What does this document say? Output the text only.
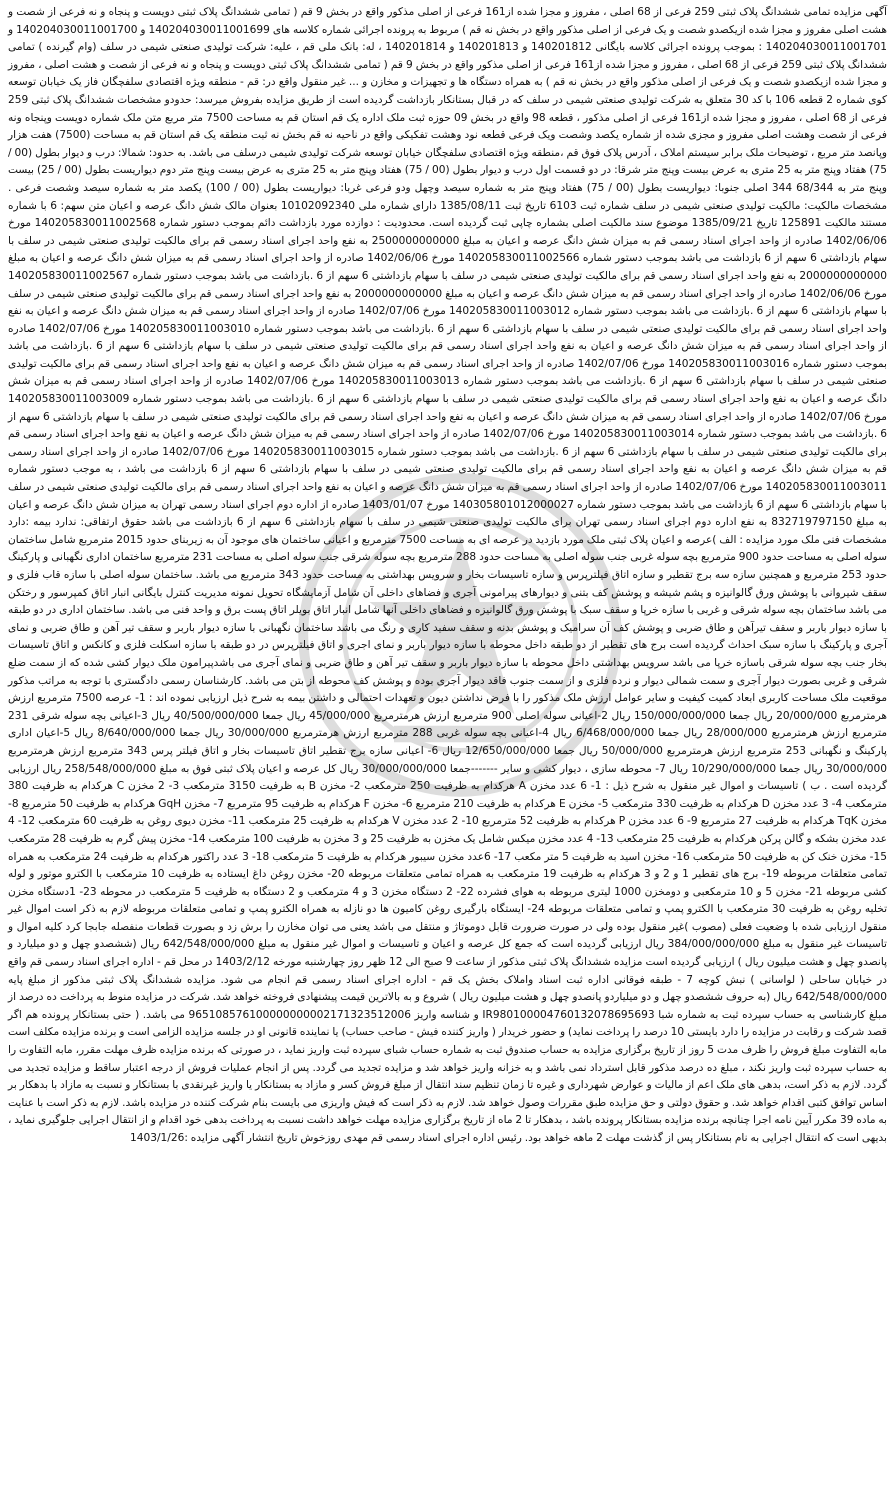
آگهی مزایده تمامی ششدانگ پلاک ثبتی 259 فرعی از 68 اصلی ، مفروز و مجزا شده از161 فرعی از اصلی مذکور واقع در بخش 9 قم ( تمامی ششدانگ پلاک ثبتی دویست و پنجاه و نه فرعی از شصت و هشت اصلی مفروز و مجزا شده ازیکصدو شصت و یک فرعی از اصلی مذکور واقع در بخش نه قم ) مربوط به پرونده اجرائی شماره کلاسه های 140204030011001699 و 140204030011001700 و 140204030011001701 : بموجب پرونده اجرائی کلاسه بایگانی 140201812 و 140201813 و 140201814 ، له: بانک ملی قم ، علیه: شرکت تولیدی صنعتی شیمی در سلف (وام گیرنده ) تمامی ششدانگ پلاک ثبتی 259 فرعی از 68 اصلی ، مفروز و مجزا شده از161 فرعی از اصلی مذکور واقع در بخش 9 قم ( تمامی ششدانگ پلاک ثبتی دویست و پنجاه و نه فرعی از شصت و هشت اصلی ، مفروز و مجزا شده ازیکصدو شصت و یک فرعی از اصلی مذکور واقع در بخش نه قم ) به همراه دستگاه ها و تجهیزات و مخازن و ... غیر منقول واقع در: قم - منطقه ویژه اقتصادی سلفچگان فاز یک خیابان توسعه کوی شماره 2 قطعه 106 با کد 30 متعلق به شرکت تولیدی صنعتی شیمی در سلف که در قبال بستانکار بازداشت گردیده است از طریق مزایده بفروش میرسد: حدودو مشخصات ششدانگ پلاک ثبتی 259 فرعی از 68 اصلی ، مفروز و مجزا شده از161 فرعی از اصلی مذکور ، قطعه 98 واقع در بخش 09 حوزه ثبت ملک اداره یک قم استان قم به مساحت 7500 متر مربع متن ملک شماره دویست وپنجاه ونه فرعی از شصت وهشت اصلی مفروز و مجزی شده از شماره یکصد وشصت ویک فرعی قطعه نود وهشت تفکیکی واقع در ناحیه نه قم بخش نه ثبت منطقه یک قم استان قم به مساحت (7500) هفت هزار وپانصد متر مربع ، توضیحات ملک برابر سیستم املاک ، آدرس پلاک فوق قم ،منطقه ویژه اقتصادی سلفچگان خیابان توسعه شرکت تولیدی شیمی درسلف می باشد. به حدود: شمالا: درب و دیوار بطول (00 / 75) هفتاد وپنج متر به 25 متری به عرض بیست وپنج متر شرقا: در دو قسمت اول درب و دیوار بطول (00 / 75) هفتاد وپنج متر به 25 متری به عرض بیست وپنج متر دوم دیواریست بطول (00 / 25) بیست وپنج متر به 68/344 344 اصلی جنوبا: دیواریست بطول (00 / 75) هفتاد وپنج متر به شماره سیصد وچهل ودو فرعی غربا: دیواریست بطول (00 / 100) یکصد متر به شماره سیصد وشصت فرعی . مشخصات مالکیت: مالکیت تولیدی صنعتی شیمی در سلف شماره ثبت 6103 تاریخ ثبت 1385/08/11 دارای شماره ملی 10102092340 بعنوان مالک شش دانگ عرصه و اعیان متن سهم: 6 با شماره مستند مالکیت 125891 تاریخ 1385/09/21 موضوع سند مالکیت اصلی بشماره چاپی ثبت گردیده است. محدودیت : دوازده مورد بازداشت دائم بموجب دستور شماره 140205830011002568 مورخ 1402/06/06 صادره از واحد اجرای اسناد رسمی قم به میزان شش دانگ عرصه و اعیان به مبلغ 2500000000000 به نفع واحد اجرای اسناد رسمی قم برای مالکیت تولیدی صنعتی شیمی در سلف با سهام بازداشتی 6 سهم از 6 بازداشت می باشد بموجب دستور شماره 140205830011002566 مورخ 1402/06/06 صادره از واحد اجرای اسناد رسمی قم به میزان شش دانگ عرصه و اعیان به مبلغ 2000000000000 به نفع واحد اجرای اسناد رسمی قم برای مالکیت تولیدی صنعتی شیمی در سلف با سهام بازداشتی 6 سهم از 6 .بازداشت می باشد بموجب دستور شماره 140205830011002567 مورخ 1402/06/06 صادره از واحد اجرای اسناد رسمی قم به میزان شش دانگ عرصه و اعیان به مبلغ 2000000000000 به نفع واحد اجرای اسناد رسمی قم برای مالکیت تولیدی صنعتی شیمی در سلف با سهام بازداشتی 6 سهم از 6 .بازداشت می باشد بموجب دستور شماره 140205830011003012 مورخ 1402/07/06 صادره از واحد اجرای اسناد رسمی قم به میزان شش دانگ عرصه و اعیان به نفع واحد اجرای اسناد رسمی قم برای مالکیت تولیدی صنعتی شیمی در سلف با سهام بازداشتی 6 سهم از 6 .بازداشت می باشد بموجب دستور شماره 140205830011003010 مورخ 1402/07/06 صادره از واحد اجرای اسناد رسمی قم به میزان شش دانگ عرصه و اعیان به نفع واحد اجرای اسناد رسمی قم برای مالکیت تولیدی صنعتی شیمی در سلف با سهام بازداشتی 6 سهم از 6 .بازداشت می باشد بموجب دستور شماره 140205830011003016 مورخ 1402/07/06 صادره از واحد اجرای اسناد رسمی قم به میزان شش دانگ عرصه و اعیان به نفع واحد اجرای اسناد رسمی قم برای مالکیت تولیدی صنعتی شیمی در سلف با سهام بازداشتی 6 سهم از 6 .بازداشت می باشد بموجب دستور شماره 140205830011003013 مورخ 1402/07/06 صادره از واحد اجرای اسناد رسمی قم به میزان شش دانگ عرصه و اعیان به نفع واحد اجرای اسناد رسمی قم برای مالکیت تولیدی صنعتی شیمی در سلف با سهام بازداشتی 6 سهم از 6 .بازداشت می باشد بموجب دستور شماره 140205830011003009 مورخ 1402/07/06 صادره از واحد اجرای اسناد رسمی قم به میزان شش دانگ عرصه و اعیان به نفع واحد اجرای اسناد رسمی قم برای مالکیت تولیدی صنعتی شیمی در سلف با سهام بازداشتی 6 سهم از 6 .بازداشت می باشد بموجب دستور شماره 140205830011003014 مورخ 1402/07/06 صادره از واحد اجرای اسناد رسمی قم به میزان شش دانگ عرصه و اعیان به نفع واحد اجرای اسناد رسمی قم برای مالکیت تولیدی صنعتی شیمی در سلف با سهام بازداشتی 6 سهم از 6 .بازداشت می باشد بموجب دستور شماره 140205830011003015 مورخ 1402/07/06 صادره از واحد اجرای اسناد رسمی قم به میزان شش دانگ عرصه و اعیان به نفع واحد اجرای اسناد رسمی قم برای مالکیت تولیدی صنعتی شیمی در سلف با سهام بازداشتی 6 سهم از 6 بازداشت می باشد ، به موجب دستور شماره 140205830011003011 مورخ 1402/07/06 صادره از واحد اجرای اسناد رسمی قم به میزان شش دانگ عرصه و اعیان به نفع واحد اجرای اسناد رسمی قم برای مالکیت تولیدی صنعتی شیمی در سلف با سهام بازداشتی 6 سهم از 6 بازداشت می باشد بموجب دستور شماره 140305801012000027 مورخ 1403/01/07 صادره از اداره دوم اجرای اسناد رسمی تهران به میزان شش دانگ عرصه و اعیان به مبلغ 832719797150 به نفع اداره دوم اجرای اسناد رسمی تهران برای مالکیت تولیدی صنعتی شیمی در سلف با سهام بازداشتی 6 سهم از 6 بازداشت می باشد حقوق ارتفاقی: ندارد بیمه :دارد مشخصات فنی ملک مورد مزایده : الف )عرصه و اعیان پلاک ثبتی ملک مورد بازدید در عرصه ای به مساحت 7500 مترمربع و اعیانی ساختمان های موجود آن به زیربنای حدود 2015 مترمربع شامل ساختمان سوله اصلی به مساحت حدود 900 مترمربع بچه سوله غربی جنب سوله اصلی به مساحت حدود 288 مترمربع بچه سوله شرقی جنب سوله اصلی به مساحت 231 مترمربع ساختمان اداری نگهبانی و پارکینگ حدود 253 مترمربع و همچنین سازه سه برج تقطیر و سازه اتاق فیلترپرس و سازه تاسیسات بخار و سرویس بهداشتی به مساحت حدود 343 مترمربع می باشد. ساختمان سوله اصلی با سازه قاب فلزی و سقف شیروانی با پوشش ورق گالوانیزه و پشم شیشه و پوشش کف بتنی و دیوارهای پیرامونی آجری و فضاهای داخلی آن شامل آزمایشگاه تحویل نمونه مدیریت کنترل بایگانی انبار اتاق کمپرسور و رختکن می باشد ساختمان بچه سوله شرقی و غربی با سازه خرپا و سقف سبک با پوشش ورق گالوانیزه و فضاهای داخلی آنها شامل انبار اتاق بویلر اتاق پست برق و واحد فنی می باشد. ساختمان اداری در دو طبقه با سازه دیوار باربر و سقف تیرآهن و طاق ضربی و پوشش کف آن سرامیک و پوشش بدنه و سقف سفید کاری و رنگ می باشد ساختمان نگهبانی با سازه دیوار باربر و سقف تیر آهن و طاق ضربی و نمای آجری و پارکینگ با سازه سبک احداث گردیده است برج های تقطیر از دو طبقه داخل محوطه با سازه دیوار باربر و نمای اجری و اتاق فیلترپرس در دو طبقه با سازه اسکلت فلزی و کانکس و اتاق تاسیسات بخار جنب بچه سوله شرقی باسازه خرپا می باشد سرویس بهداشتی داخل محوطه با سازه دیوار باربر و سقف تیر آهن و طاق ضربی و نمای آجری می باشدپیرامون ملک دیوار کشی شده که از سمت ضلع شرقی و غربی بصورت دیوار آجری و سمت شمالی دیوار و نرده فلزی و از سمت جنوب فاقد دیوار آجری بوده و پوشش کف محوطه از بتن می باشد. کارشناسان رسمی دادگستری با توجه به مراتب مذکور موقعیت ملک مساحت کاربری ابعاد کمیت کیفیت و سایر عوامل ارزش ملک مذکور را با فرض نداشتن دیون و تعهدات احتمالی و داشتن بیمه به شرح ذیل ارزیابی نموده اند : 1- عرصه 7500 مترمربع ارزش هرمترمربع 20/000/000 ریال جمعا 150/000/000/000 ریال 2-اعیانی سوله اصلی 900 مترمربع ارزش هرمترمربع 45/000/000 ریال جمعا 40/500/000/000 ریال 3-اعیانی بچه سوله شرقی 231 مترمربع ارزش هرمترمربع 28/000/000 ریال جمعا 6/468/000/000 ریال 4-اعیانی بچه سوله غربی 288 مترمربع ارزش هرمترمربع 30/000/000 ریال جمعا 8/640/000/000 ریال 5-اعیان اداری پارکینگ و نگهبانی 253 مترمربع ارزش هرمترمربع 50/000/000 ریال جمعا 12/650/000/000 ریال 6- اعیانی سازه برج تقطیر اتاق تاسیسات بخار و اتاق فیلتر پرس 343 مترمربع ارزش هرمترمربع 30/000/000 ریال جمعا 10/290/000/000 ریال 7- محوطه سازی ، دیوار کشی و سایر -------جمعا 30/000/000/000 ریال کل عرصه و اعیان پلاک ثبتی فوق به مبلغ 258/548/000/000 ریال ارزیابی گردیده است . ب ) تاسیسات و اموال غیر منقول به شرح ذیل : 1- 6 عدد مخزن A هرکدام به ظرفیت 250 مترمکعب 2- مخزن B به ظرفیت 3150 مترمکعب 3- 2 مخزن C هرکدام به ظرفیت 380 مترمکعب 4- 3 عدد مخزن D هرکدام به ظرفیت 330 مترمکعب 5- مخزن E هرکدام به ظرفیت 210 مترمربع 6- مخزن F هرکدام به ظرفیت 95 مترمربع 7- مخزن GqH هرکدام به ظرفیت 50 مترمربع 8- مخزن TqK هرکدام به ظرفیت 27 مترمربع 9- 6 عدد مخزن P هرکدام به ظرفیت 52 مترمربع 10- 2 عدد مخزن V هرکدام به ظرفیت 25 مترمکعب 11- مخزن دیوی روغن به ظرفیت 60 مترمکعب 12- 4 عدد مخزن بشکه و گالن پرکن هرکدام به ظرفیت 25 مترمکعب 13- 4 عدد مخزن میکس شامل یک مخزن به ظرفیت 25 و 3 مخزن به ظرفیت 100 مترمکعب 14- مخزن پیش گرم به ظرفیت 28 مترمکعب 15- مخزن خنک کن به ظرفیت 50 مترمکعب 16- مخزن اسید به ظرفیت 5 متر مکعب 17- 6عدد مخزن سیبور هرکدام به ظرفیت 5 مترمکعب 18- 3 عدد راکتور هرکدام به ظرفیت 24 مترمکعب به همراه تمامی متعلقات مربوطه 19- برج های تقطیر 1 و 2 و 3 هرکدام به ظرفیت 19 مترمکعب به همراه تمامی متعلقات مربوطه 20- مخزن روغن داغ ایستاده به ظرفیت 10 مترمکعب با الکترو موتور و لوله کشی مربوطه 21- مخزن 5 و 10 مترمکعبی و دومخزن 1000 لیتری مربوطه به هوای فشرده 22- 2 دستگاه مخزن 3 و 4 مترمکعب و 2 دستگاه به ظرفیت 5 مترمکعب در محوطه 23- 1دستگاه مخزن تخلیه روغن به ظرفیت 30 مترمکعب با الکترو پمپ و تمامی متعلقات مربوطه 24- ایستگاه بارگیری روغن کامیون ها دو نازله به همراه الکترو پمپ و تمامی متعلقات مربوطه لازم به ذکر است اموال غیر منقول ارزیابی شده با وضعیت فعلی (مصوب )غیر منقول بوده ولی در صورت ضرورت قابل دوموتاژ و منتقل می باشد یعنی می توان مخازن را برش زد و بصورت قطعات منفصله جابجا کرد کلیه اموال و تاسیسات غیر منقول به مبلغ 384/000/000/000 ریال ارزیابی گردیده است که جمع کل عرصه و اعیان و تاسیسات و اموال غیر منقول به مبلغ 642/548/000/000 ریال (ششصدو چهل و دو میلیارد و پانصدو چهل و هشت میلیون ریال ) ارزیابی گردیده است مزایده ششدانگ پلاک ثبتی مذکور از ساعت 9 صبح الی 12 ظهر روز چهارشنبه مورخه 1403/2/12 در محل قم - اداره اجرای اسناد رسمی قم واقع در خیابان ساحلی ( لواسانی ) نبش کوچه 7 - طبقه فوقانی اداره ثبت اسناد واملاک بخش یک قم - اداره اجرای اسناد رسمی قم انجام می شود. مزایده ششدانگ پلاک ثبتی مذکور از مبلغ پایه 642/548/000/000 ریال (به حروف ششصدو چهل و دو میلیاردو پانصدو چهل و هشت میلیون ریال ) شروع و به بالاترین قیمت پیشنهادی فروخته خواهد شد. شرکت در مزایده منوط به پرداخت ده درصد از مبلغ کارشناسی به حساب سپرده ثبت به شماره شبا IR980100004760132078695693 و شناسه واریز 965108576100000000002171323512006 می باشد. ( حتی بستانکار پرونده هم اگر قصد شرکت و رقابت در مزایده را دارد بایستی 10 درصد را پرداخت نماید) و حضور خریدار ( واریز کننده فیش - صاحب حساب) یا نماینده قانونی او در جلسه مزایده الزامی است و برنده مزایده مکلف است مابه التفاوت مبلغ فروش را ظرف مدت 5 روز از تاریخ برگزاری مزایده به حساب صندوق ثبت به شماره حساب شبای سپرده ثبت واریز نماید ، در صورتی که برنده مزایده ظرف مهلت مقرر، مابه التفاوت را به حساب سپرده ثبت واریز نکند ، مبلغ ده درصد مذکور قابل استرداد نمی باشد و به خزانه واریز خواهد شد و مزایده تجدید می گردد. پس از انجام عملیات فروش از درجه اعتبار ساقط و مزایده تجدید می گردد. لازم به ذکر است، بدهی های ملک اعم از مالیات و عوارض شهرداری و غیره تا زمان تنظیم سند انتقال از مبلغ فروش کسر و مازاد به بستانکار یا واریز غیرنقدی با بستانکار و نسبت به مازاد با بدهکار بر اساس توافق کتبی اقدام خواهد شد. و حقوق دولتی و حق مزایده طبق مقررات وصول خواهد شد. لازم به ذکر است که فیش واریزی می بایست بنام شرکت کننده در مزایده باشد. لازم به ذکر است با عنایت به ماده 39 مکرر آیین نامه اجرا چنانچه برنده مزایده بستانکار پرونده باشد ، بدهکار تا 2 ماه از تاریخ برگزاری مزایده مهلت خواهد داشت نسبت به پرداخت بدهی خود اقدام و از انتقال اجرایی جلوگیری نماید ، بدیهی است که انتقال اجرایی به نام بستانکار پس از گذشت مهلت 2 ماهه خواهد بود. رئیس اداره اجرای اسناد رسمی قم مهدی روزخوش تاریخ انتشار آگهی مزایده :1403/1/26
